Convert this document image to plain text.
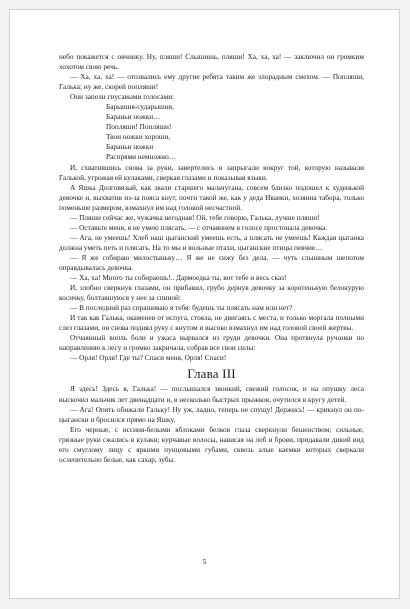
небо покажется с овчинку. Ну, пляши! Слышишь, пляши! Ха, ха, ха! — заключил он громким хохотом свою речь.

— Ха, ха, ха! — отозвались ему другие ребята таким же злорадным смехом. — Попляши, Галька; ну же, скорей попляши!

Они запели гнусавыми голосами:

Барышня-сударышня,
Бараньи ножки…
Попляши! Попляши!
Твои ножки хороши,
Бараньи ножки
Распрями немножко…

И, схватившись снова за руки, завертелись и запрыгали вокруг той, которую называли Галькой, угрожая ей кулаками, сверкая глазами и показывая языки.

А Яшка Долговязый, как звали старшего мальчугана, совсем близко подошел к худенькой девочке и, выхватив из-за пояса кнут, почти такой же, как у деда Иванки, хозяина табора, только поменьше размером, взмахнул им над головой несчастной.

— Пляши сейчас же, чужачка негодная! Ой, тебе говорю, Галька, лучше пляши!

— Оставьте меня, я не умею плясать, — с отчаянием в голосе простонала девочка.

— Ага, не умеешь! Хлеб наш цыганский умеешь есть, а плясать не умеешь! Каждая цыганка должна уметь петь и плясать. На то мы и вольные птахи, цыганские птицы певчие…

— Я же собираю милостыньку… Я же не сижу без дела, — чуть слышным шепотом оправдывалась девочка.

— Ха, ха! Много ты собираешь!.. Дармоедка ты, вот тебе и весь сказ!

И, злобно сверкнув глазами, он прибавил, грубо дернув девочку за коротенькую белокурую косичку, болтавшуюся у нее за спиной:

— В последний раз спрашиваю я тебя: будешь ты плясать нам или нет?

И так как Галька, окаменев от испуга, стояла, не двигаясь с места, и только моргала полными слез глазами, он снова поднял руку с кнутом и высоко взмахнул им над головой своей жертвы.

Отчаянный вопль боли и ужаса вырвался из груди девочки. Она протянула ручонки по направлению к лесу и громко закричала, собрав все свои силы:

— Орля! Орля! Где ты? Спаси меня, Орля! Спаси!

Глава III

Я здесь! Здесь я, Галька! — послышался звонкий, свежий голосок, и на опушку леса выскочил мальчик лет двенадцати и, в несколько быстрых прыжков, очутился в кругу детей.

— Ага! Опять обижали Гальку! Ну уж, ладно, теперь не спущу! Держись! — крикнул он по-цыгански и бросился прямо на Яшку.

Его черные, с иссиня-белыми яблоками белков глаза сверкнули бешенством; сильные, грязные руки сжались в кулаки; курчавые волосы, нависая на лоб и брови, придавали дикий вид его смуглому лицу с яркими пунцовыми губами, сквозь алые каемки которых сверкали ослепительно белые, как сахар, зубы.

5
